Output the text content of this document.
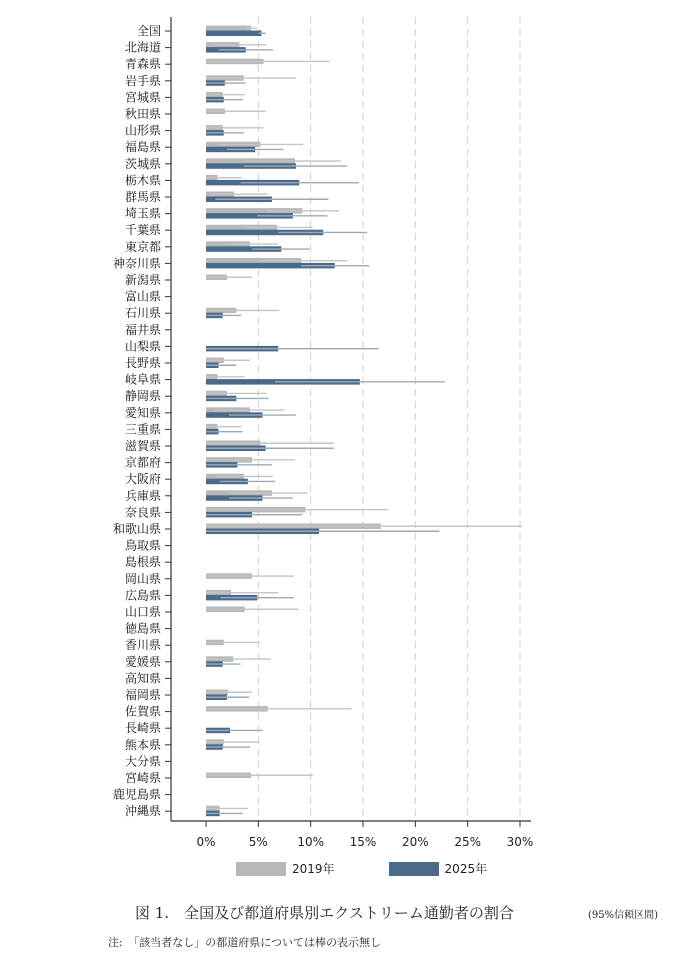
0%	5% 10% 15% 20% 25% 30%
全国
北海道
青森県
岩手県
宮城県
秋田県
山形県
福島県
茨城県
栃木県
群馬県
埼玉県
千葉県
東京都
神奈川県
新潟県
富山県
石川県
福井県
山梨県
長野県
岐阜県
静岡県
愛知県
三重県
滋賀県
京都府
大阪府
兵庫県
奈良県
和歌山県
鳥取県
島根県
岡山県
広島県
山口県
徳島県
香川県
愛媛県
高知県
福岡県
佐賀県
長崎県
熊本県
大分県
宮崎県
鹿児島県
沖縄県
2019年	2025年
図 1.　全国及び都道府県別エクストリーム通勤者の割合	(95%信頼区間)
注:　「該当者なし」の都道府県については棒の表示無し
